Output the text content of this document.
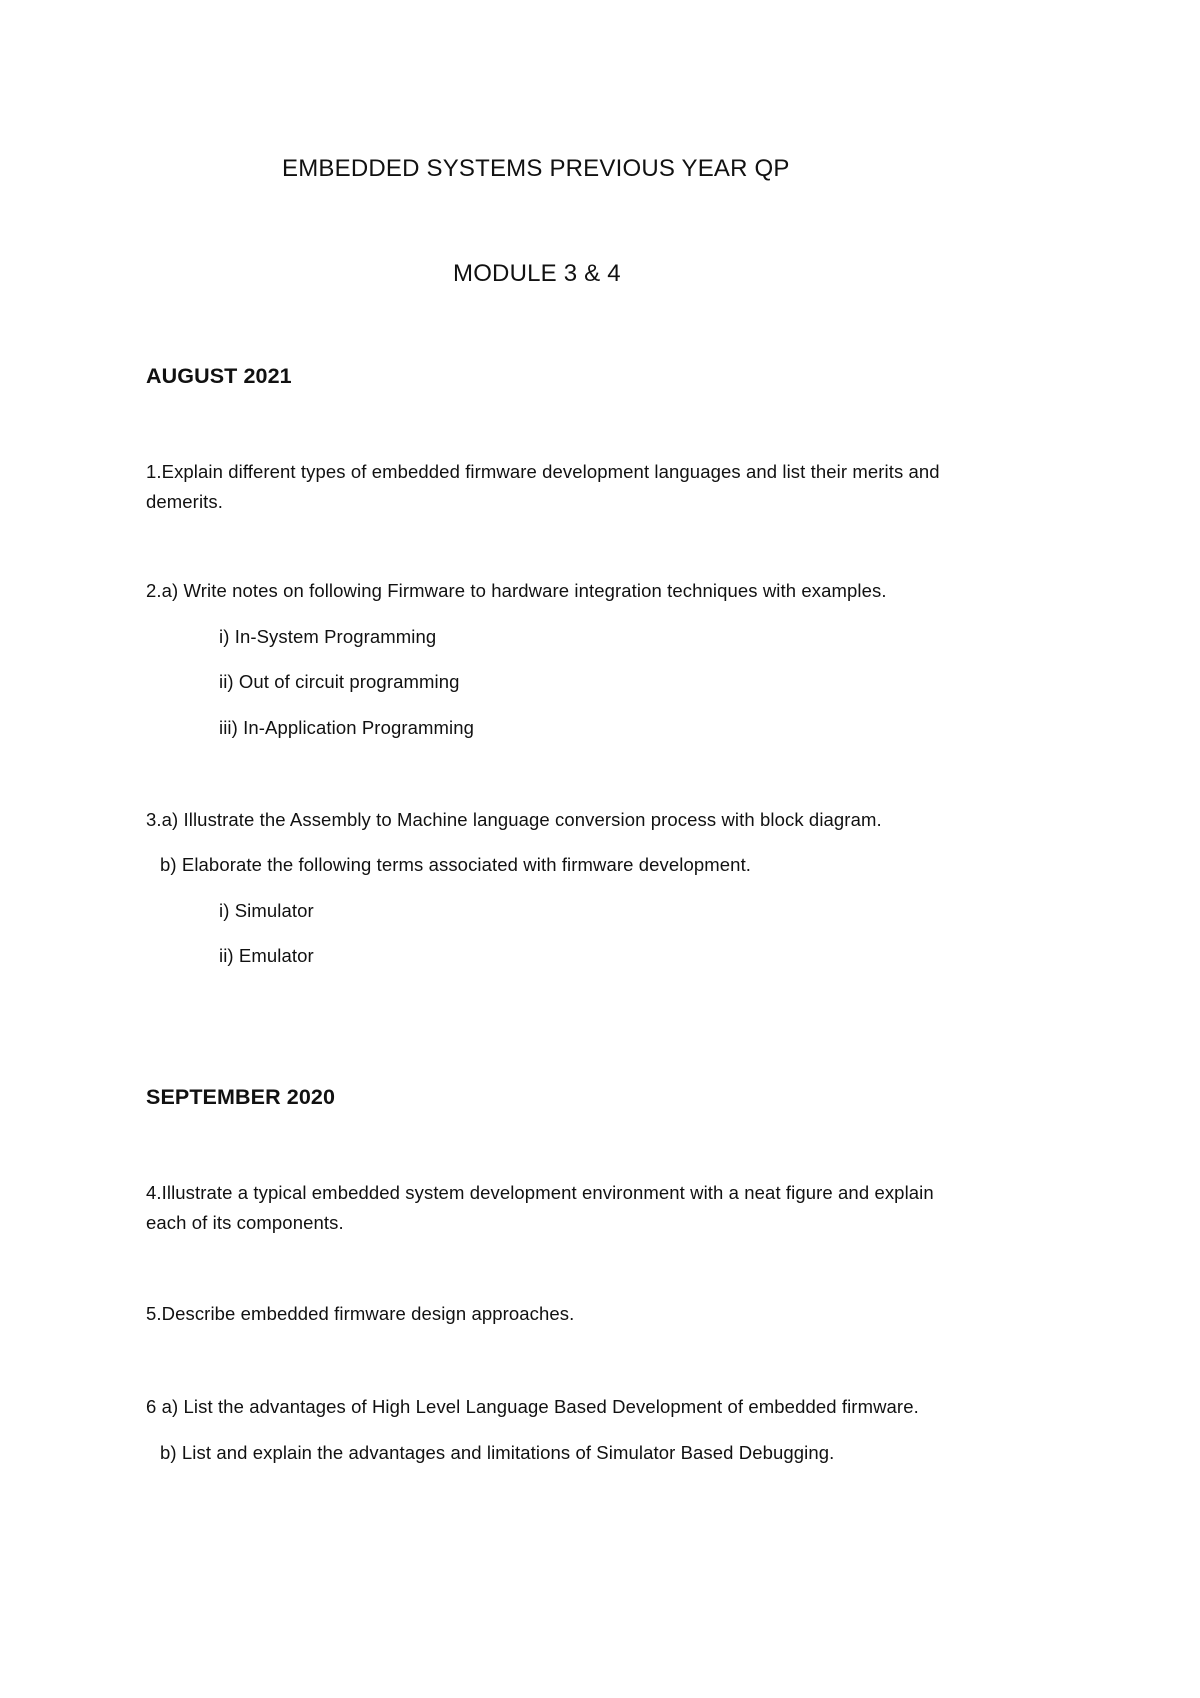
EMBEDDED SYSTEMS PREVIOUS YEAR QP
MODULE 3 & 4
AUGUST 2021
1.Explain different types of embedded firmware development languages and list their merits and
demerits.
2.a) Write notes on following Firmware to hardware integration techniques with examples.
i) In-System Programming
ii) Out of circuit programming
iii) In-Application Programming
3.a) Illustrate the Assembly to Machine language conversion process with block diagram.
b) Elaborate the following terms associated with firmware development.
i) Simulator
ii) Emulator
SEPTEMBER 2020
4.Illustrate a typical embedded system development environment with a neat figure and explain
each of its components.
5.Describe embedded firmware design approaches.
6 a) List the advantages of High Level Language Based Development of embedded firmware.
b) List and explain the advantages and limitations of Simulator Based Debugging.
